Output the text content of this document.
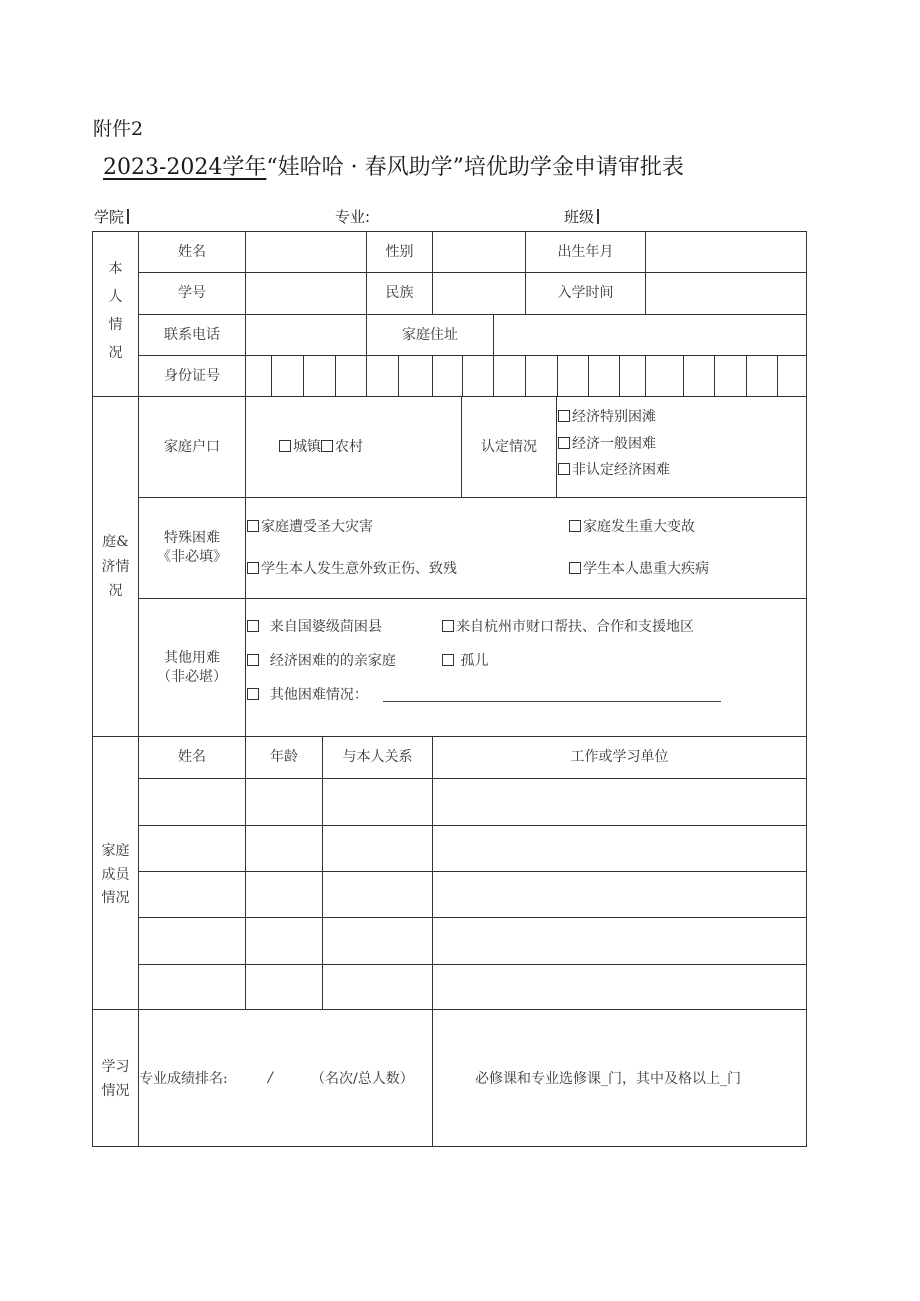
附件2
2023-2024学年“娃哈哈 · 春风助学”培优助学金申请审批表
学院	专业:	班级
本人情况
姓名	性别	出生年月
学号	民族	入学时间
联系电话	家庭住址
身份证号
庭&济情况
家庭户口	城镇 农村	认定情况
经济特别困滩
经济一般困难
非认定经济困难
特殊困难
《非必填》
家庭遭受圣大灾害	家庭发生重大变故
学生本人发生意外致正伤、致残	学生本人患重大疾病
其他用难
（非必堪）
来自国婆级茴困县	来自杭州市财口帮扶、合作和支援地区
经济困难的的亲家庭	孤儿
其他困难情况：
家庭成员情况
姓名	年龄	与本人关系	工作或学习单位
学习情况
专业成绩排名:	/	（名次/总人数）	必修课和专业选修课_门，其中及格以上_门
